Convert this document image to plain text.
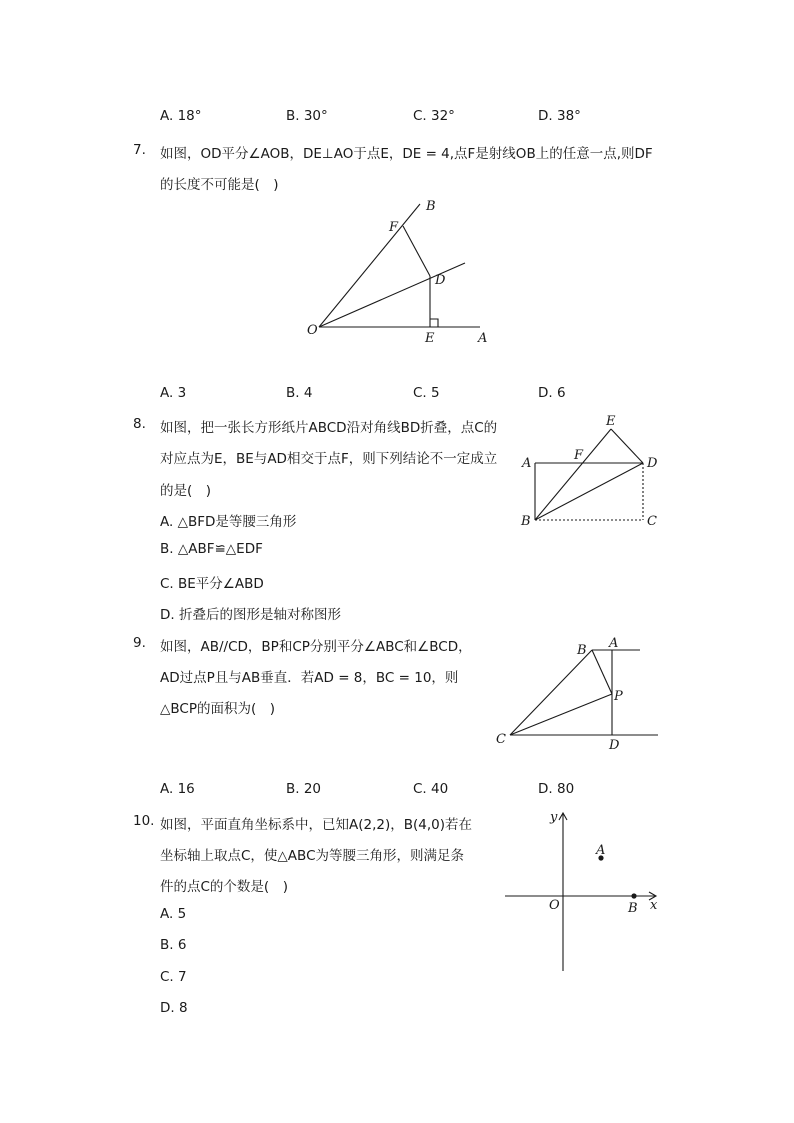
A. 18°	B. 30°	C. 32°	D. 38°
7. 如图，OD平分∠AOB，DE⊥AO于点E，DE = 4,点F是射线OB上的任意一点,则DF
的长度不可能是(　)
B
F
D
O
E	A
A. 3	B. 4	C. 5	D. 6
8. 如图，把一张长方形纸片ABCD沿对角线BD折叠，点C的
对应点为E，BE与AD相交于点F，则下列结论不一定成立
的是(　)
E
A
F
D
B	C
A. △BFD是等腰三角形
B. △ABF≌△EDF
C. BE平分∠ABD
D. 折叠后的图形是轴对称图形
9. 如图，AB//CD，BP和CP分别平分∠ABC和∠BCD，
AD过点P且与AB垂直．若AD = 8，BC = 10，则
△BCP的面积为(　)
B A
P
C	D
A. 16	B. 20	C. 40	D. 80
10. 如图，平面直角坐标系中，已知A(2,2)，B(4,0)若在
坐标轴上取点C，使△ABC为等腰三角形，则满足条
件的点C的个数是(　)
y
A
O	B x
A. 5
B. 6
C. 7
D. 8
